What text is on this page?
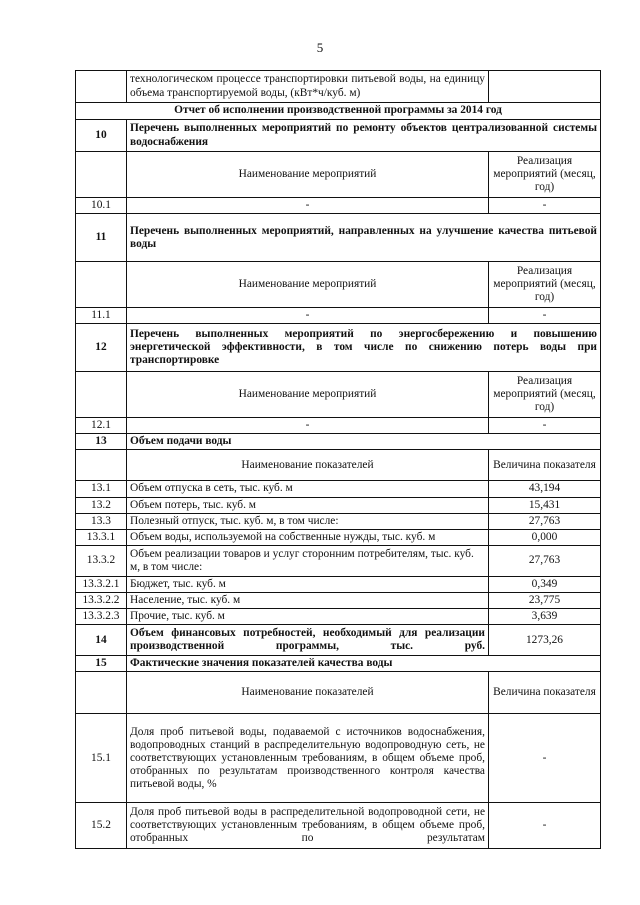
5
	технологическом процессе транспортировки питьевой воды, на единицу объема транспортируемой воды, (кВт*ч/куб. м)	
Отчет об исполнении производственной программы за 2014 год		
10	Перечень выполненных мероприятий по ремонту объектов централизованной системы водоснабжения	
	Наименование мероприятий	Реализация мероприятий (месяц, год)
10.1	-	-
11	Перечень выполненных мероприятий, направленных на улучшение качества питьевой воды	
	Наименование мероприятий	Реализация мероприятий (месяц, год)
11.1	-	-
12	Перечень выполненных мероприятий по энергосбережению и повышению энергетической эффективности, в том числе по снижению потерь воды при транспортировке	
	Наименование мероприятий	Реализация мероприятий (месяц, год)
12.1	-	-
13	Объем подачи воды	
	Наименование показателей	Величина показателя
13.1	Объем отпуска в сеть, тыс. куб. м	43,194
13.2	Объем потерь, тыс. куб. м	15,431
13.3	Полезный отпуск, тыс. куб. м, в том числе:	27,763
13.3.1	Объем воды, используемой на собственные нужды, тыс. куб. м	0,000
13.3.2	Объем реализации товаров и услуг сторонним потребителям, тыс. куб. м, в том числе:	27,763
13.3.2.1	Бюджет, тыс. куб. м	0,349
13.3.2.2	Население, тыс. куб. м	23,775
13.3.2.3	Прочие, тыс. куб. м	3,639
14	Объем финансовых потребностей, необходимый для реализации производственной программы, тыс. руб.	1273,26
15	Фактические значения показателей качества воды	
	Наименование показателей	Величина показателя
15.1	Доля проб питьевой воды, подаваемой с источников водоснабжения, водопроводных станций в распределительную водопроводную сеть, не соответствующих установленным требованиям, в общем объеме проб, отобранных по результатам производственного контроля качества питьевой воды, %	-
15.2	Доля проб питьевой воды в распределительной водопроводной сети, не соответствующих установленным требованиям, в общем объеме проб, отобранных по результатам	-
